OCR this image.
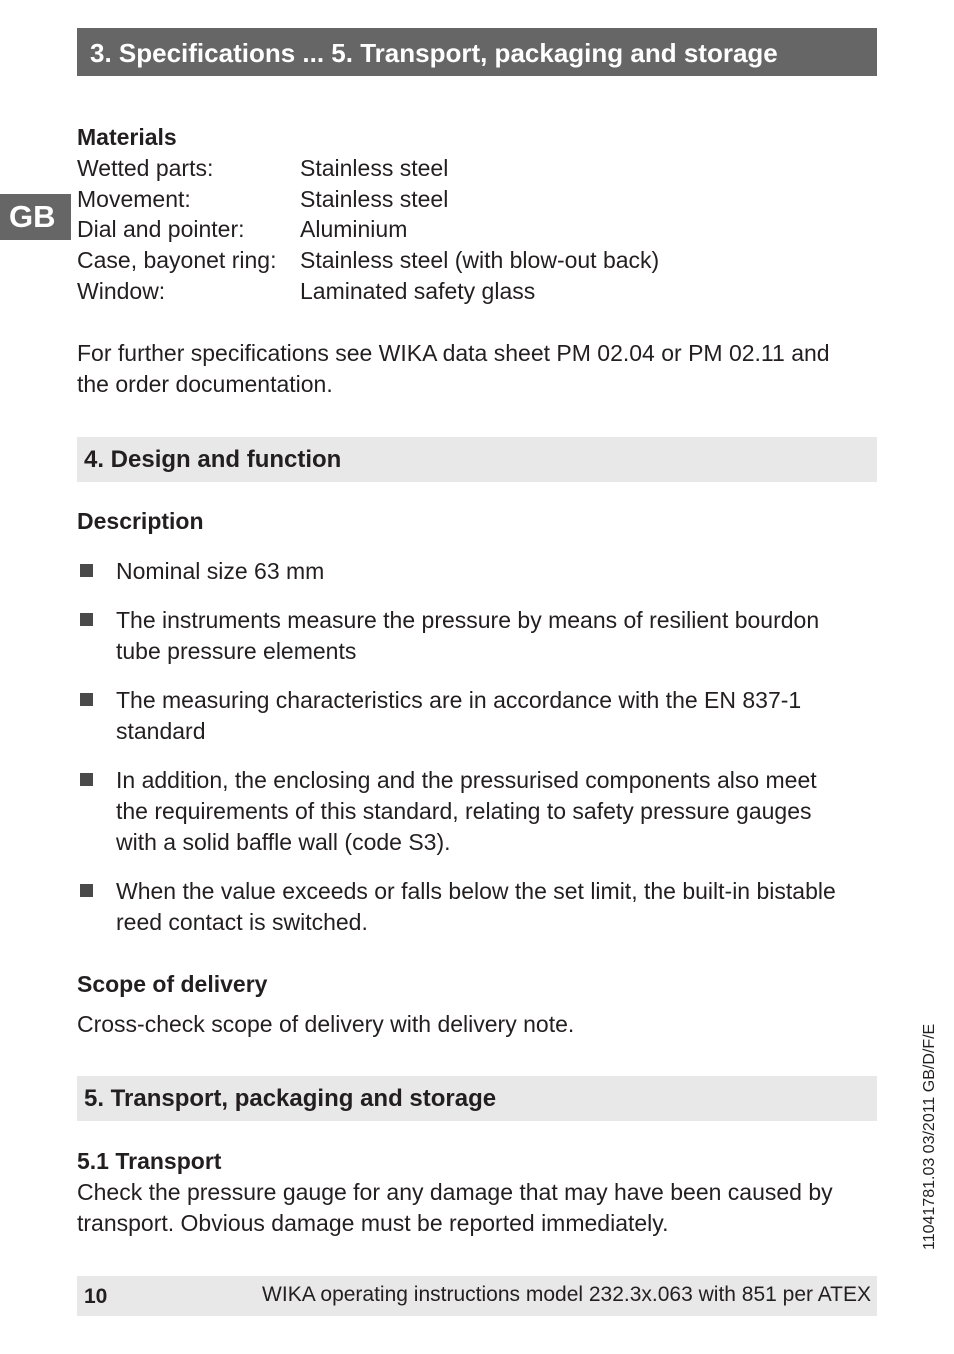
3. Specifications ... 5. Transport, packaging and storage
GB
Materials
Wetted parts:	Stainless steel
Movement:	Stainless steel
Dial and pointer: Aluminium
Case, bayonet ring: Stainless steel (with blow-out back)
Window:	Laminated safety glass
For further specifications see WIKA data sheet PM 02.04 or PM 02.11 and
the order documentation.
4. Design and function
Description
Nominal size 63 mm
The instruments measure the pressure by means of resilient bourdon
tube pressure elements
The measuring characteristics are in accordance with the EN 837-1
standard
In addition, the enclosing and the pressurised components also meet
the requirements of this standard, relating to safety pressure gauges
with a solid baffle wall (code S3).
When the value exceeds or falls below the set limit, the built-in bistable
reed contact is switched.
Scope of delivery
Cross-check scope of delivery with delivery note.
5. Transport, packaging and storage
5.1 Transport
Check the pressure gauge for any damage that may have been caused by
transport. Obvious damage must be reported immediately.	11041781.03 03/2011 GB/D/F/E
10	WIKA operating instructions model 232.3x.063 with 851 per ATEX
